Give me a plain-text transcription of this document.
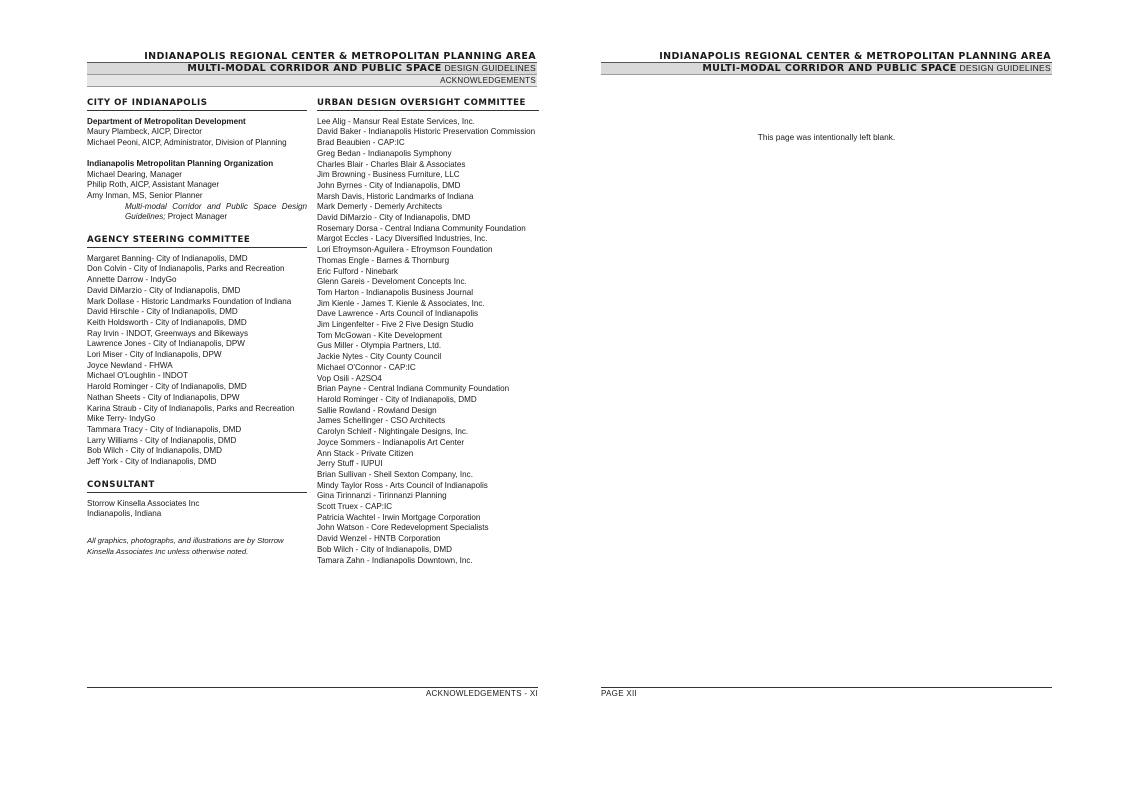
INDIANAPOLIS REGIONAL CENTER & METROPOLITAN PLANNING AREA
MULTI-MODAL CORRIDOR AND PUBLIC SPACE DESIGN GUIDELINES
ACKNOWLEDGEMENTS
CITY OF INDIANAPOLIS
Department of Metropolitan Development
Maury Plambeck, AICP, Director
Michael Peoni, AICP, Administrator, Division of Planning
Indianapolis Metropolitan Planning Organization
Michael Dearing, Manager
Philip Roth, AICP, Assistant Manager
Amy Inman, MS, Senior Planner
Multi-modal Corridor and Public Space Design Guidelines; Project Manager
AGENCY STEERING COMMITTEE
Margaret Banning- City of Indianapolis, DMD
Don Colvin - City of Indianapolis, Parks and Recreation
Annette Darrow - IndyGo
David DiMarzio - City of Indianapolis, DMD
Mark Dollase - Historic Landmarks Foundation of Indiana
David Hirschle - City of Indianapolis, DMD
Keith Holdsworth - City of Indianapolis, DMD
Ray Irvin - INDOT, Greenways and Bikeways
Lawrence Jones - City of Indianapolis, DPW
Lori Miser - City of Indianapolis, DPW
Joyce Newland - FHWA
Michael O'Loughlin - INDOT
Harold Rominger - City of Indianapolis, DMD
Nathan Sheets - City of Indianapolis, DPW
Karina Straub - City of Indianapolis, Parks and Recreation
Mike Terry- IndyGo
Tammara Tracy - City of Indianapolis, DMD
Larry Williams - City of Indianapolis, DMD
Bob Wilch - City of Indianapolis, DMD
Jeff York - City of Indianapolis, DMD
CONSULTANT
Storrow Kinsella Associates Inc
Indianapolis, Indiana
All graphics, photographs, and illustrations are by Storrow Kinsella Associates Inc unless otherwise noted.
URBAN DESIGN OVERSIGHT COMMITTEE
Lee Alig - Mansur Real Estate Services, Inc.
David Baker - Indianapolis Historic Preservation Commission
Brad Beaubien - CAP:IC
Greg Bedan - Indianapolis Symphony
Charles Blair - Charles Blair & Associates
Jim Browning - Business Furniture, LLC
John Byrnes - City of Indianapolis, DMD
Marsh Davis, Historic Landmarks of Indiana
Mark Demerly - Demerly Architects
David DiMarzio - City of Indianapolis, DMD
Rosemary Dorsa - Central Indiana Community Foundation
Margot Eccles - Lacy Diversified Industries, Inc.
Lori Efroymson-Aguilera - Efroymson Foundation
Thomas Engle - Barnes & Thornburg
Eric Fulford - Ninebark
Glenn Gareis - Develoment Concepts Inc.
Tom Harton - Indianapolis Business Journal
Jim Kienle - James T. Kienle & Associates, Inc.
Dave Lawrence - Arts Council of Indianapolis
Jim Lingenfelter - Five 2 Five Design Studio
Tom McGowan - Kite Development
Gus Miller - Olympia Partners, Ltd.
Jackie Nytes - City County Council
Michael O'Connor - CAP:IC
Vop Osili - A2SO4
Brian Payne - Central Indiana Community Foundation
Harold Rominger - City of Indianapolis, DMD
Sallie Rowland - Rowland Design
James Schellinger - CSO Architects
Carolyn Schleif - Nightingale Designs, Inc.
Joyce Sommers - Indianapolis Art Center
Ann Stack - Private Citizen
Jerry Stuff - IUPUI
Brian Sullivan - Sheil Sexton Company, Inc.
Mindy Taylor Ross - Arts Council of Indianapolis
Gina Tirinnanzi - Tirinnanzi Planning
Scott Truex - CAP:IC
Patricia Wachtel - Irwin Mortgage Corporation
John Watson - Core Redevelopment Specialists
David Wenzel - HNTB Corporation
Bob Wilch - City of Indianapolis, DMD
Tamara Zahn - Indianapolis Downtown, Inc.
ACKNOWLEDGEMENTS - XI
INDIANAPOLIS REGIONAL CENTER & METROPOLITAN PLANNING AREA
MULTI-MODAL CORRIDOR AND PUBLIC SPACE DESIGN GUIDELINES
This page was intentionally left blank.
PAGE XII
